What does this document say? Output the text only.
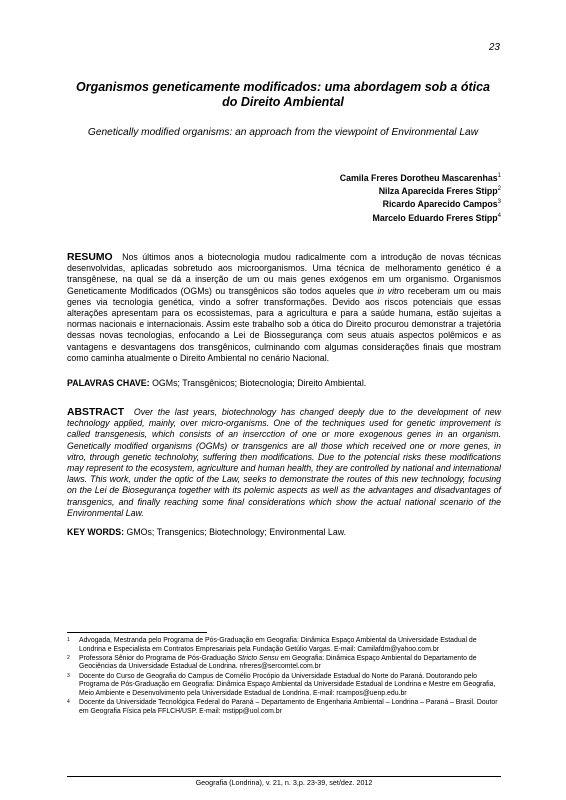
23
Organismos geneticamente modificados: uma abordagem sob a ótica do Direito Ambiental
Genetically modified organisms: an approach from the viewpoint of Environmental Law
Camila Freres Dorotheu Mascarenhas$^1$
Nilza Aparecida Freres Stipp$^2$
Ricardo Aparecido Campos$^3$
Marcelo Eduardo Freres Stipp$^4$
RESUMO Nos últimos anos a biotecnologia mudou radicalmente com a introdução de novas técnicas desenvolvidas, aplicadas sobretudo aos microorganismos. Uma técnica de melhoramento genético é a transgênese, na qual se dá a inserção de um ou mais genes exógenos em um organismo. Organismos Geneticamente Modificados (OGMs) ou transgênicos são todos aqueles que in vitro receberam um ou mais genes via tecnologia genética, vindo a sofrer transformações. Devido aos riscos potenciais que essas alterações apresentam para os ecossistemas, para a agricultura e para a saúde humana, estão sujeitas a normas nacionais e internacionais. Assim este trabalho sob a ótica do Direito procurou demonstrar a trajetória dessas novas tecnologias, enfocando a Lei de Biossegurança com seus atuais aspectos polêmicos e as vantagens e desvantagens dos transgênicos, culminando com algumas considerações finais que mostram como caminha atualmente o Direito Ambiental no cenário Nacional.
PALAVRAS CHAVE: OGMs; Transgênicos; Biotecnologia; Direito Ambiental.
ABSTRACT Over the last years, biotechnology has changed deeply due to the development of new technology applied, mainly, over micro-organisms. One of the techniques used for genetic improvement is called transgenesis, which consists of an insercction of one or more exogenous genes in an organism. Genetically modified organisms (OGMs) or transgenics are all those which received one or more genes, in vitro, through genetic technolohy, suffering then modifications. Due to the potencial risks these modifications may represent to the ecosystem, agriculture and human health, they are controlled by national and international laws. This work, under the optic of the Law, seeks to demonstrate the routes of this new technology, focusing on the Lei de Biosegurança together with its polemic aspects as well as the advantages and disadvantages of transgenics, and finally reaching some final considerations which show the actual national scenario of the Environmental Law.
KEY WORDS: GMOs; Transgenics; Biotechnology; Environmental Law.
1 Advogada, Mestranda pelo Programa de Pós-Graduação em Geografia: Dinâmica Espaço Ambiental da Universidade Estadual de Londrina e Especialista em Contratos Empresariais pela Fundação Getúlio Vargas. E-mail: Camilafdm@yahoo.com.br
2 Professora Sênior do Programa de Pós-Graduação Stricto Sensu em Geografia: Dinâmica Espaço Ambiental do Departamento de Geociências da Universidade Estadual de Londrina. nfreres@sercomtel.com.br
3 Docente do Curso de Geografia do Campus de Cornélio Procópio da Universidade Estadual do Norte do Paraná. Doutorando pelo Programa de Pós-Graduação em Geografia: Dinâmica Espaço Ambiental da Universidade Estadual de Londrina e Mestre em Geografia, Meio Ambiente e Desenvolvimento pela Universidade Estadual de Londrina. E-mail: rcampos@uenp.edu.br
4 Docente da Universidade Tecnológica Federal do Paraná – Departamento de Engenharia Ambiental – Londrina – Paraná – Brasil. Doutor em Geografia Física pela FFLCH/USP. E-mail: mstipp@uol.com.br
Geografia (Londrina), v. 21, n. 3,p. 23-39, set/dez. 2012
